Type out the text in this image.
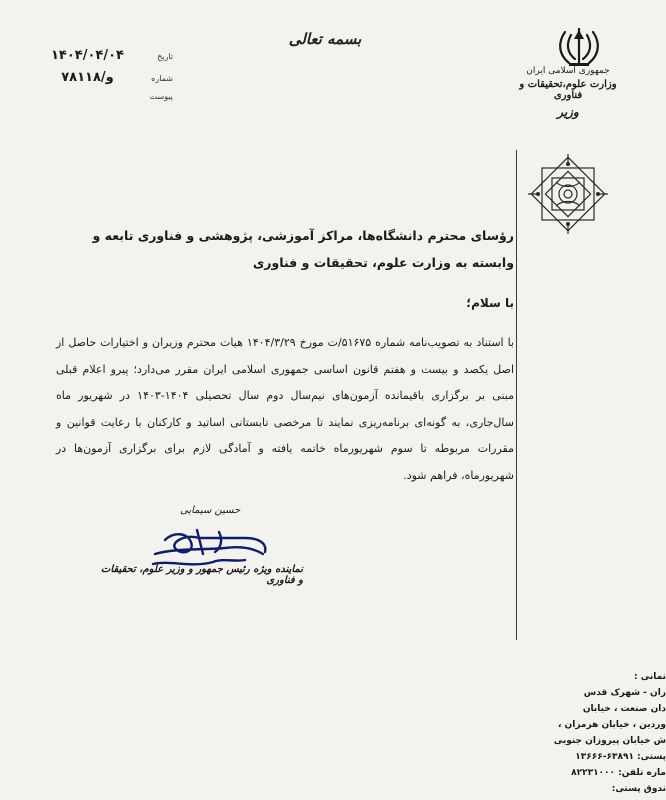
بسمه تعالی
تاریخ
۱۴۰۴/۰۴/۰۴
شماره
۷۸۱۱۸/و
پیوست
جمهوری اسلامی ایران
وزارت علوم،تحقیقات و فناوری
وزیر

رؤسای محترم دانشگاه‌ها، مراکز آموزشی، پژوهشی و فناوری تابعه و وابسته به وزارت علوم، تحقیقات و فناوری

با سلام؛

با استناد به تصویب‌نامه شماره ۵۱۶۷۵/ت مورخ ۱۴۰۴/۳/۲۹ هیات محترم وزیران و اختیارات حاصل از اصل یکصد و بیست و هفتم قانون اساسی جمهوری اسلامی ایران مقرر می‌دارد؛ پیرو اعلام قبلی مبنی بر برگزاری باقیمانده آزمون‌های نیم‌سال دوم سال تحصیلی ۱۴۰۴-۱۴۰۳ در شهریور ماه سال‌جاری، به گونه‌ای برنامه‌ریزی نمایند تا مرخصی تابستانی اساتید و کارکنان با رعایت قوانین و مقررات مربوطه تا سوم شهریورماه خاتمه یافته و آمادگی لازم برای برگزاری آزمون‌ها در شهریورماه، فراهم شود.

حسین سیمایی
نماینده ویژه رئیس جمهور و وزیر علوم، تحقیقات و فناوری
نمانی :
ران - شهرک قدس
دان صنعت ، خیابان
وردین ، خیابان هرمزان ،
ش خیابان پیروزان جنوبی
پستی: ۶۳۸۹۱-۱۳۶۶۶
ماره تلفن: ۸۲۲۳۱۰۰۰
ندوق پستی:
